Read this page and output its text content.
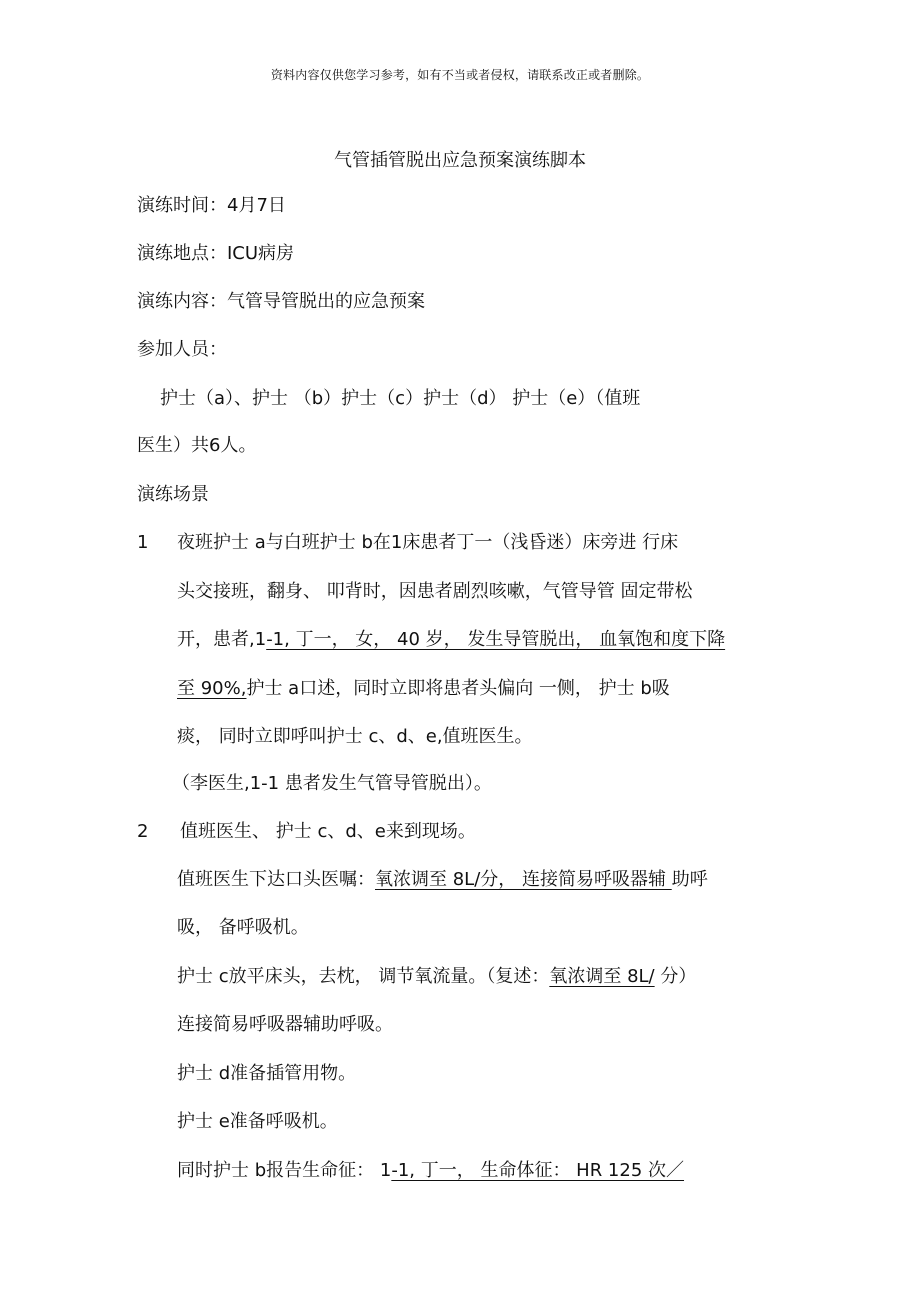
资料内容仅供您学习参考，如有不当或者侵权，请联系改正或者删除。
气管插管脱出应急预案演练脚本
演练时间：4月7日
演练地点：ICU病房
演练内容：气管导管脱出的应急预案
参加人员：
护士（a）、护士 （b）护士（c）护士（d） 护士（e）（值班
医生）共6人。
演练场景
1 夜班护士 a与白班护士 b在1床患者丁一（浅昏迷）床旁进 行床
头交接班，翻身、 叩背时，因患者剧烈咳嗽，气管导管 固定带松
开，患者,1-1, 丁一， 女， 40 岁， 发生导管脱出， 血氧饱和度下降
至 90%,护士 a口述，同时立即将患者头偏向 一侧， 护士 b吸
痰， 同时立即呼叫护士 c、d、e,值班医生。
（李医生,1-1 患者发生气管导管脱出）。
2 值班医生、 护士 c、d、e来到现场。
值班医生下达口头医嘱：氧浓调至 8L/分， 连接简易呼吸器辅 助呼
吸， 备呼吸机。
护士 c放平床头，去枕， 调节氧流量。（复述：氧浓调至 8L/ 分）
连接简易呼吸器辅助呼吸。
护士 d准备插管用物。
护士 e准备呼吸机。
同时护士 b报告生命征： 1-1, 丁一， 生命体征： HR 125 次／
